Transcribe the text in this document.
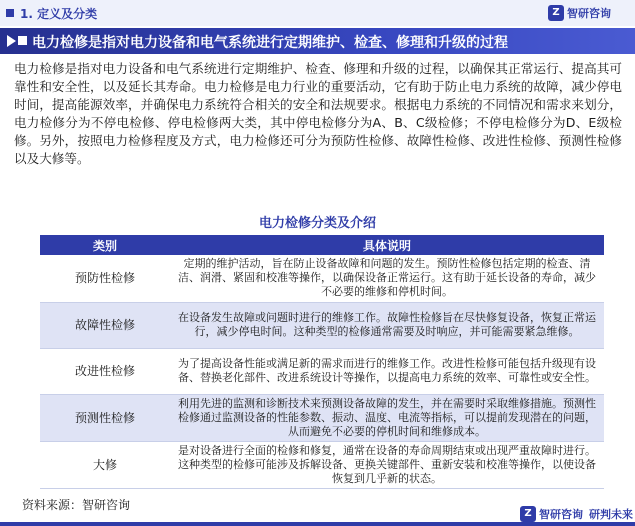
1. 定义及分类	Z 智研咨询
电力检修是指对电力设备和电气系统进行定期维护、检查、修理和升级的过程
电力检修是指对电力设备和电气系统进行定期维护、检查、修理和升级的过程，以确保其正常运行、提高其可靠性和安全性，以及延长其寿命。电力检修是电力行业的重要活动，它有助于防止电力系统的故障，减少停电时间，提高能源效率，并确保电力系统符合相关的安全和法规要求。根据电力系统的不同情况和需求来划分，电力检修分为不停电检修、停电检修两大类，其中停电检修分为A、B、C级检修；不停电检修分为D、E级检修。另外，按照电力检修程度及方式，电力检修还可分为预防性检修、故障性检修、改进性检修、预测性检修以及大修等。
电力检修分类及介绍
类别	具体说明
预防性检修	定期的维护活动，旨在防止设备故障和问题的发生。预防性检修包括定期的检查、清洁、润滑、紧固和校准等操作，以确保设备正常运行。这有助于延长设备的寿命，减少不必要的维修和停机时间。
故障性检修	在设备发生故障或问题时进行的维修工作。故障性检修旨在尽快修复设备，恢复正常运行，减少停电时间。这种类型的检修通常需要及时响应，并可能需要紧急维修。
改进性检修	为了提高设备性能或满足新的需求而进行的维修工作。改进性检修可能包括升级现有设备、替换老化部件、改进系统设计等操作，以提高电力系统的效率、可靠性或安全性。
预测性检修	利用先进的监测和诊断技术来预测设备故障的发生，并在需要时采取维修措施。预测性检修通过监测设备的性能参数、振动、温度、电流等指标，可以提前发现潜在的问题，从而避免不必要的停机时间和维修成本。
大修	是对设备进行全面的检修和修复，通常在设备的寿命周期结束或出现严重故障时进行。这种类型的检修可能涉及拆解设备、更换关键部件、重新安装和校准等操作，以使设备恢复到几乎新的状态。
资料来源：智研咨询
Z 智研咨询 研判未来
